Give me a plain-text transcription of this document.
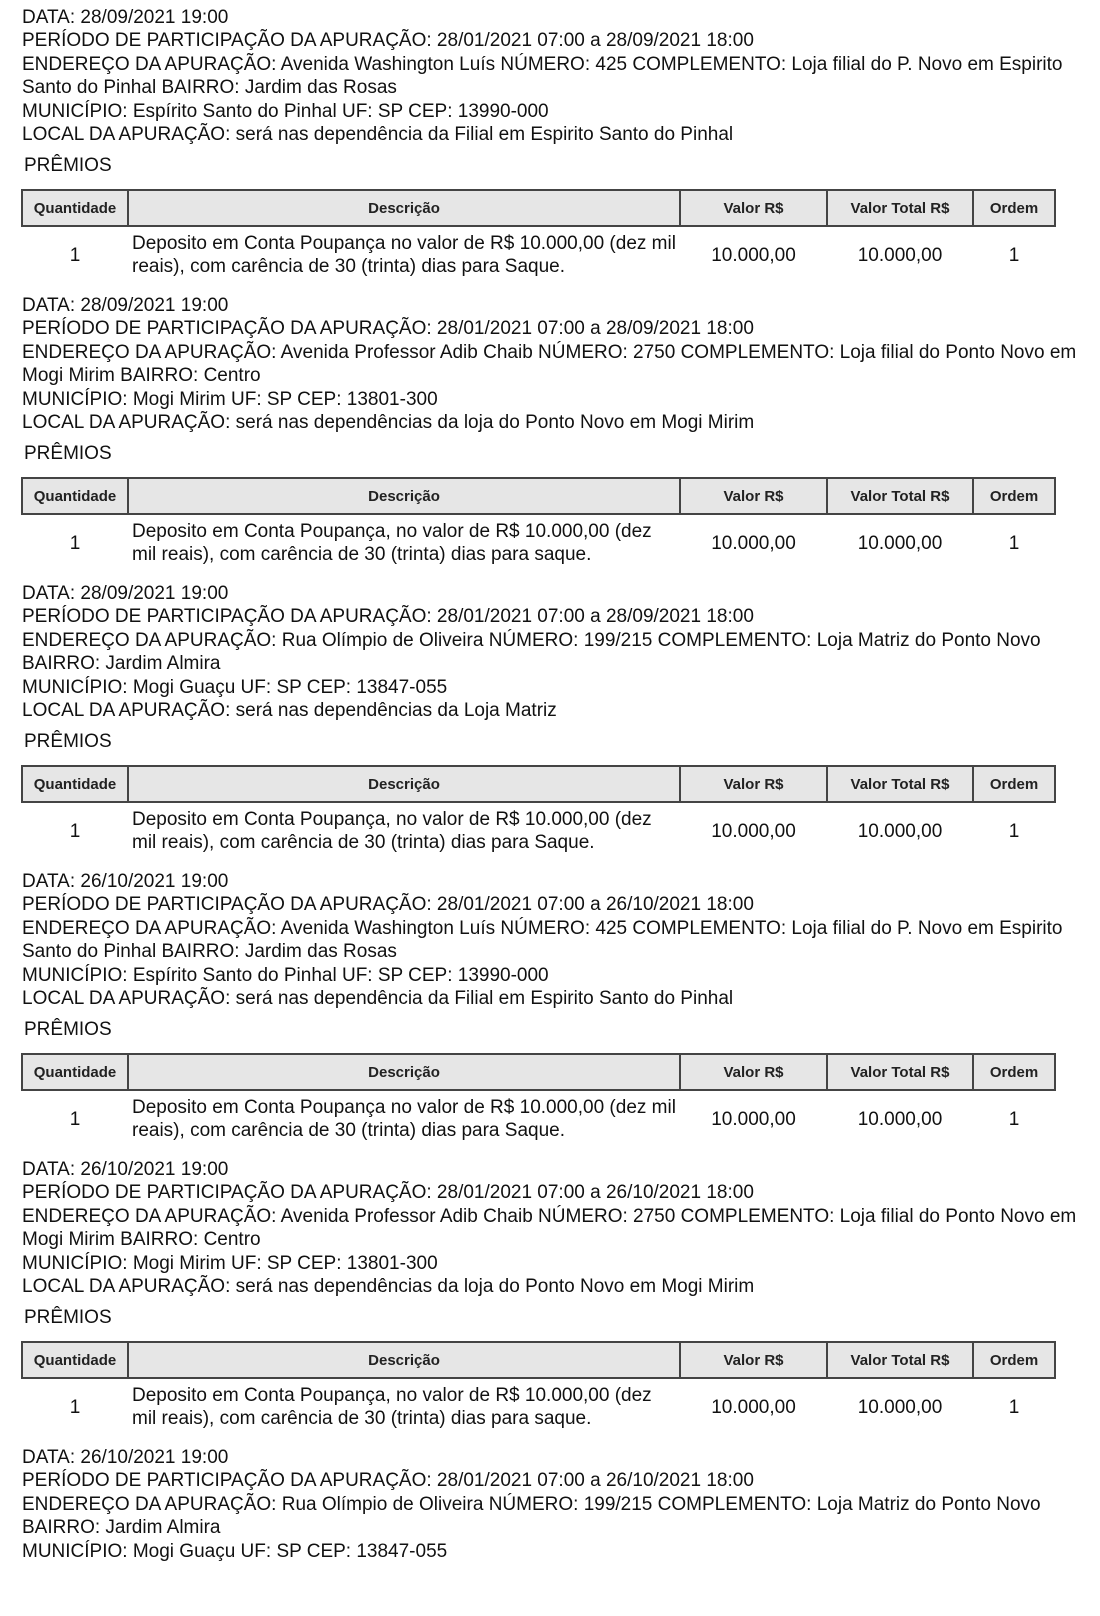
DATA: 28/09/2021 19:00
PERÍODO DE PARTICIPAÇÃO DA APURAÇÃO: 28/01/2021 07:00 a 28/09/2021 18:00
ENDEREÇO DA APURAÇÃO: Avenida Washington Luís NÚMERO: 425 COMPLEMENTO: Loja filial do P. Novo em Espirito Santo do Pinhal BAIRRO: Jardim das Rosas
MUNICÍPIO: Espírito Santo do Pinhal UF: SP CEP: 13990-000
LOCAL DA APURAÇÃO: será nas dependência da Filial em Espirito Santo do Pinhal
PRÊMIOS
Quantidade	Descrição	Valor R$	Valor Total R$	Ordem
1	Deposito em Conta Poupança no valor de R$ 10.000,00 (dez mil reais), com carência de 30 (trinta) dias para Saque.	10.000,00	10.000,00	1
DATA: 28/09/2021 19:00
PERÍODO DE PARTICIPAÇÃO DA APURAÇÃO: 28/01/2021 07:00 a 28/09/2021 18:00
ENDEREÇO DA APURAÇÃO: Avenida Professor Adib Chaib NÚMERO: 2750 COMPLEMENTO: Loja filial do Ponto Novo em Mogi Mirim BAIRRO: Centro
MUNICÍPIO: Mogi Mirim UF: SP CEP: 13801-300
LOCAL DA APURAÇÃO: será nas dependências da loja do Ponto Novo em Mogi Mirim
PRÊMIOS
Quantidade	Descrição	Valor R$	Valor Total R$	Ordem
1	Deposito em Conta Poupança, no valor de R$ 10.000,00 (dez mil reais), com carência de 30 (trinta) dias para saque.	10.000,00	10.000,00	1
DATA: 28/09/2021 19:00
PERÍODO DE PARTICIPAÇÃO DA APURAÇÃO: 28/01/2021 07:00 a 28/09/2021 18:00
ENDEREÇO DA APURAÇÃO: Rua Olímpio de Oliveira NÚMERO: 199/215 COMPLEMENTO: Loja Matriz do Ponto Novo BAIRRO: Jardim Almira
MUNICÍPIO: Mogi Guaçu UF: SP CEP: 13847-055
LOCAL DA APURAÇÃO: será nas dependências da Loja Matriz
PRÊMIOS
Quantidade	Descrição	Valor R$	Valor Total R$	Ordem
1	Deposito em Conta Poupança, no valor de R$ 10.000,00 (dez mil reais), com carência de 30 (trinta) dias para Saque.	10.000,00	10.000,00	1
DATA: 26/10/2021 19:00
PERÍODO DE PARTICIPAÇÃO DA APURAÇÃO: 28/01/2021 07:00 a 26/10/2021 18:00
ENDEREÇO DA APURAÇÃO: Avenida Washington Luís NÚMERO: 425 COMPLEMENTO: Loja filial do P. Novo em Espirito Santo do Pinhal BAIRRO: Jardim das Rosas
MUNICÍPIO: Espírito Santo do Pinhal UF: SP CEP: 13990-000
LOCAL DA APURAÇÃO: será nas dependência da Filial em Espirito Santo do Pinhal
PRÊMIOS
Quantidade	Descrição	Valor R$	Valor Total R$	Ordem
1	Deposito em Conta Poupança no valor de R$ 10.000,00 (dez mil reais), com carência de 30 (trinta) dias para Saque.	10.000,00	10.000,00	1
DATA: 26/10/2021 19:00
PERÍODO DE PARTICIPAÇÃO DA APURAÇÃO: 28/01/2021 07:00 a 26/10/2021 18:00
ENDEREÇO DA APURAÇÃO: Avenida Professor Adib Chaib NÚMERO: 2750 COMPLEMENTO: Loja filial do Ponto Novo em Mogi Mirim BAIRRO: Centro
MUNICÍPIO: Mogi Mirim UF: SP CEP: 13801-300
LOCAL DA APURAÇÃO: será nas dependências da loja do Ponto Novo em Mogi Mirim
PRÊMIOS
Quantidade	Descrição	Valor R$	Valor Total R$	Ordem
1	Deposito em Conta Poupança, no valor de R$ 10.000,00 (dez mil reais), com carência de 30 (trinta) dias para saque.	10.000,00	10.000,00	1
DATA: 26/10/2021 19:00
PERÍODO DE PARTICIPAÇÃO DA APURAÇÃO: 28/01/2021 07:00 a 26/10/2021 18:00
ENDEREÇO DA APURAÇÃO: Rua Olímpio de Oliveira NÚMERO: 199/215 COMPLEMENTO: Loja Matriz do Ponto Novo BAIRRO: Jardim Almira
MUNICÍPIO: Mogi Guaçu UF: SP CEP: 13847-055
